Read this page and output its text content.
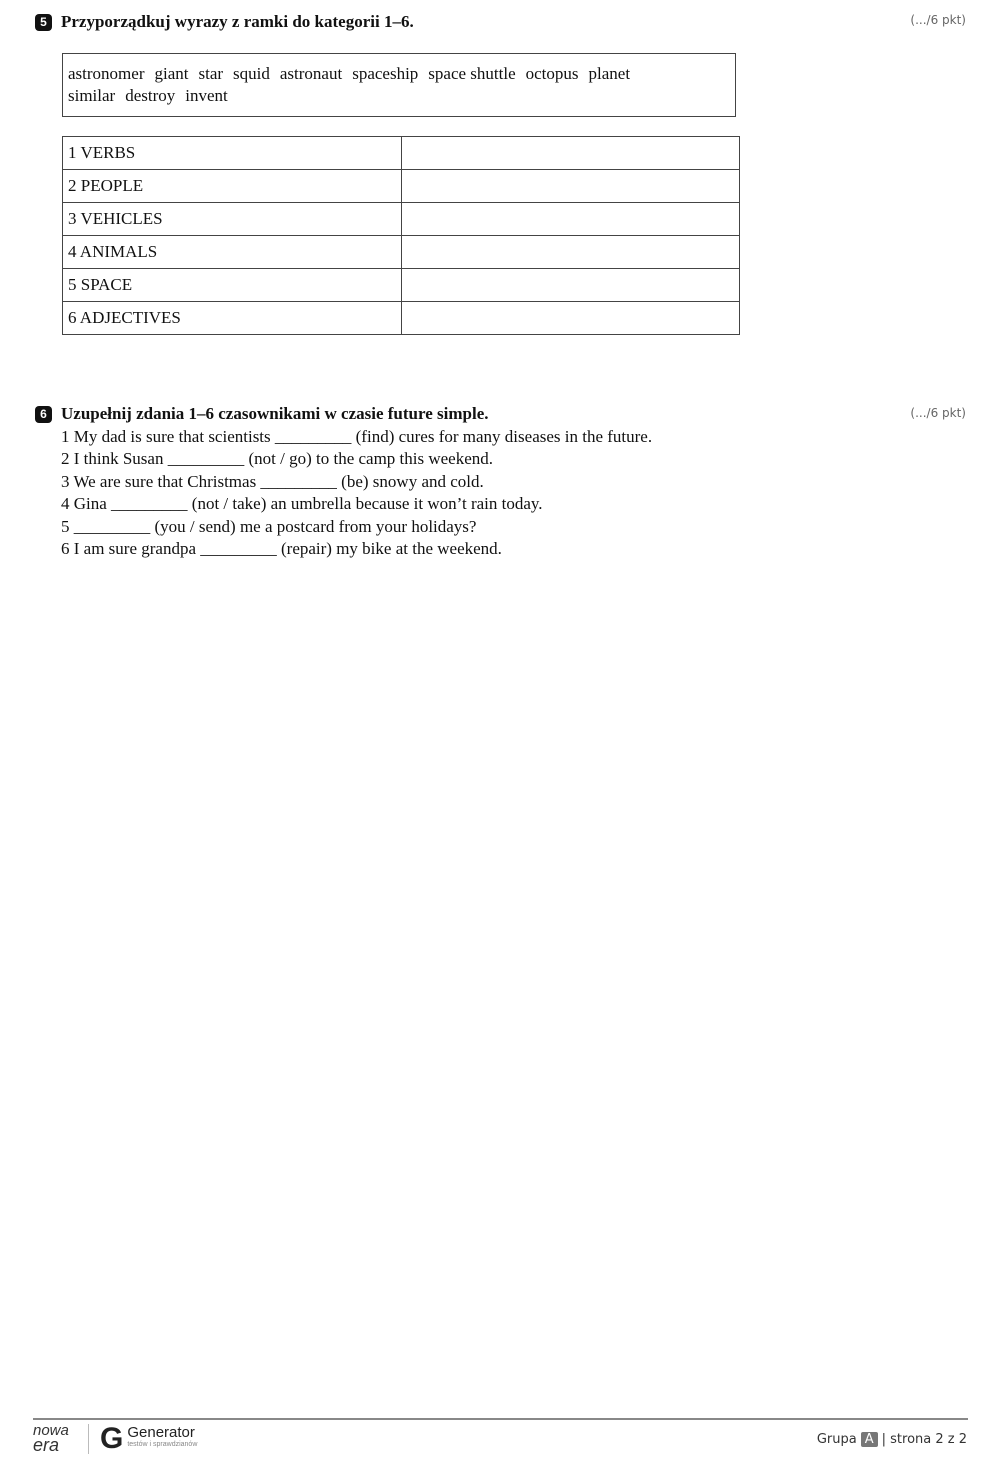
5 Przyporządkuj wyrazy z ramki do kategorii 1–6.	(.../6 pkt)
astronomer giant star squid astronaut spaceship space shuttle octopus planet
similar destroy invent
1 VERBS	
2 PEOPLE	
3 VEHICLES	
4 ANIMALS	
5 SPACE	
6 ADJECTIVES	
6 Uzupełnij zdania 1–6 czasownikami w czasie future simple.	(.../6 pkt)
1 My dad is sure that scientists _________ (find) cures for many diseases in the future.
2 I think Susan _________ (not / go) to the camp this weekend.
3 We are sure that Christmas _________ (be) snowy and cold.
4 Gina _________ (not / take) an umbrella because it won’t rain today.
5 _________ (you / send) me a postcard from your holidays?
6 I am sure grandpa _________ (repair) my bike at the weekend.
nowa
era	G Generator
testów i sprawdzianów	Grupa A | strona 2 z 2
